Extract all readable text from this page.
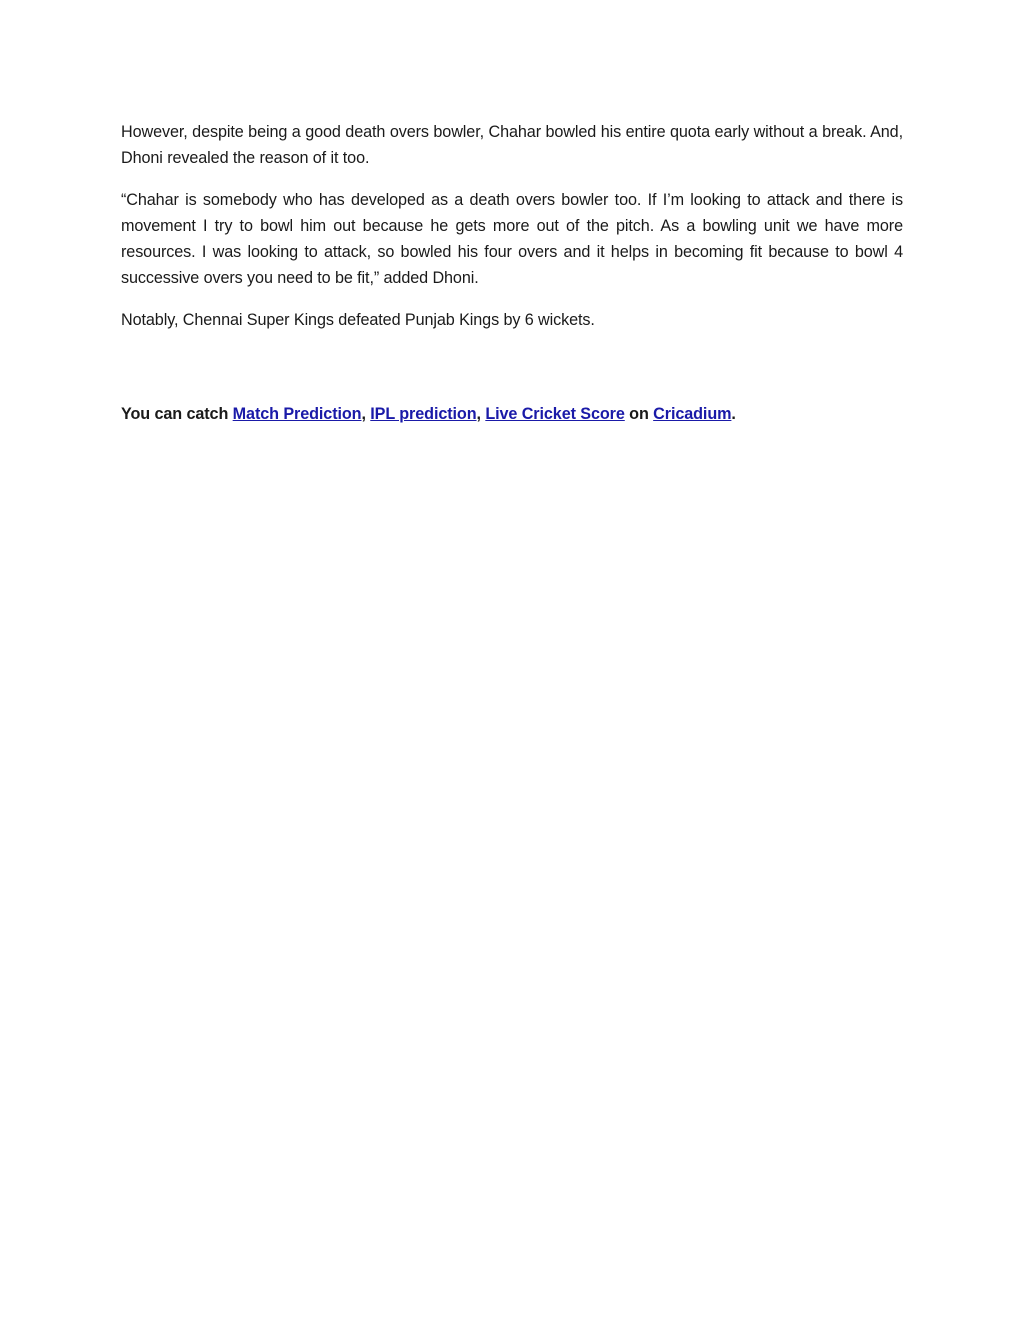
However, despite being a good death overs bowler, Chahar bowled his entire quota early without a break. And, Dhoni revealed the reason of it too.

“Chahar is somebody who has developed as a death overs bowler too. If I’m looking to attack and there is movement I try to bowl him out because he gets more out of the pitch. As a bowling unit we have more resources. I was looking to attack, so bowled his four overs and it helps in becoming fit because to bowl 4 successive overs you need to be fit,” added Dhoni.

Notably, Chennai Super Kings defeated Punjab Kings by 6 wickets.

You can catch Match Prediction, IPL prediction, Live Cricket Score on Cricadium.
